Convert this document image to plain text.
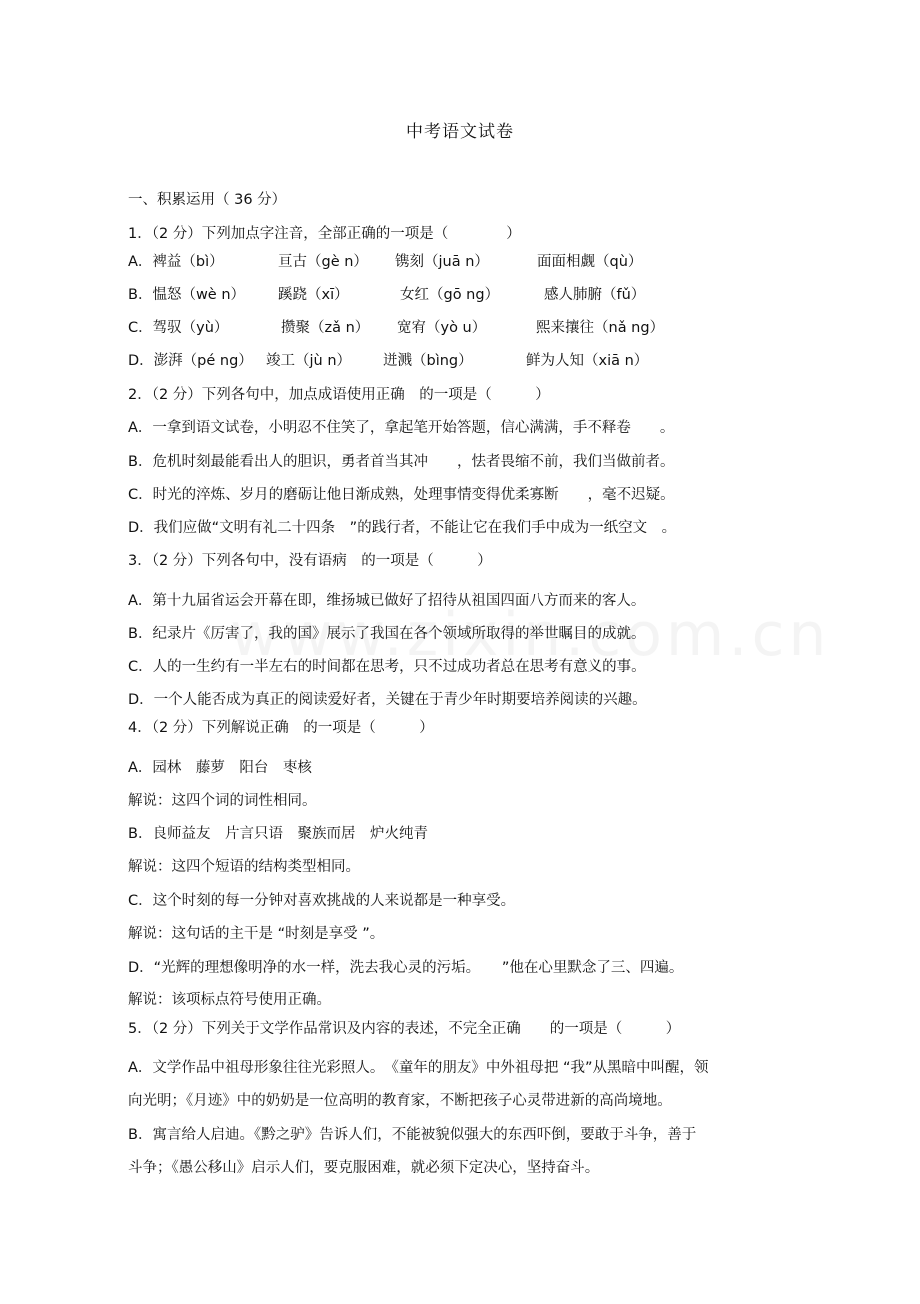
中考语文试卷
一、积累运用（ 36 分）
1．（2 分）下列加点字注音，全部正确的一项是（　　　　）
A．裨益（bì）	亘古（gè n） 镌刻（juā n）	面面相觑（qù）
B．愠怒（wè n） 蹊跷（xī）	女红（gō ng）	感人肺腑（fǔ）
C．驾驭（yù）	攒聚（zǎ n） 宽宥（yò u）	熙来攘往（nǎ ng）
D．澎湃（pé ng） 竣工（jù n） 迸溅（bìng）	鲜为人知（xiā n）
2．（2 分）下列各句中，加点成语使用正确　的一项是（　　　）
A．一拿到语文试卷，小明忍不住笑了，拿起笔开始答题，信心满满，手不释卷　　。
B．危机时刻最能看出人的胆识，勇者首当其冲　　，怯者畏缩不前，我们当做前者。
C．时光的淬炼、岁月的磨砺让他日渐成熟，处理事情变得优柔寡断　　，毫不迟疑。
D．我们应做“文明有礼二十四条　”的践行者，不能让它在我们手中成为一纸空文　。
3．（2 分）下列各句中，没有语病　的一项是（　　　）
A．第十九届省运会开幕在即，维扬城已做好了招待从祖国四面八方而来的客人。
B．纪录片《厉害了，我的国》展示了我国在各个领域所取得的举世瞩目的成就。
C．人的一生约有一半左右的时间都在思考，只不过成功者总在思考有意义的事。
D．一个人能否成为真正的阅读爱好者，关键在于青少年时期要培养阅读的兴趣。
4．（2 分）下列解说正确　的一项是（　　　）
A．园林　藤萝　阳台　枣核
解说：这四个词的词性相同。
B．良师益友　片言只语　聚族而居　炉火纯青
解说：这四个短语的结构类型相同。
C．这个时刻的每一分钟对喜欢挑战的人来说都是一种享受。
解说：这句话的主干是 “时刻是享受 ”。
D．“光辉的理想像明净的水一样，洗去我心灵的污垢。　　”他在心里默念了三、四遍。
解说：该项标点符号使用正确。
5．（2 分）下列关于文学作品常识及内容的表述，不完全正确　　的一项是（　　　）
A．文学作品中祖母形象往往光彩照人。　《童年的朋友》中外祖母把 “我”从黑暗中叫醒，领
向光明；《月迹》中的奶奶是一位高明的教育家，不断把孩子心灵带进新的高尚境地。
B．寓言给人启迪。《黔之驴》告诉人们，不能被貌似强大的东西吓倒，要敢于斗争，善于
斗争；《愚公移山》启示人们，要克服困难，就必须下定决心，坚持奋斗。
